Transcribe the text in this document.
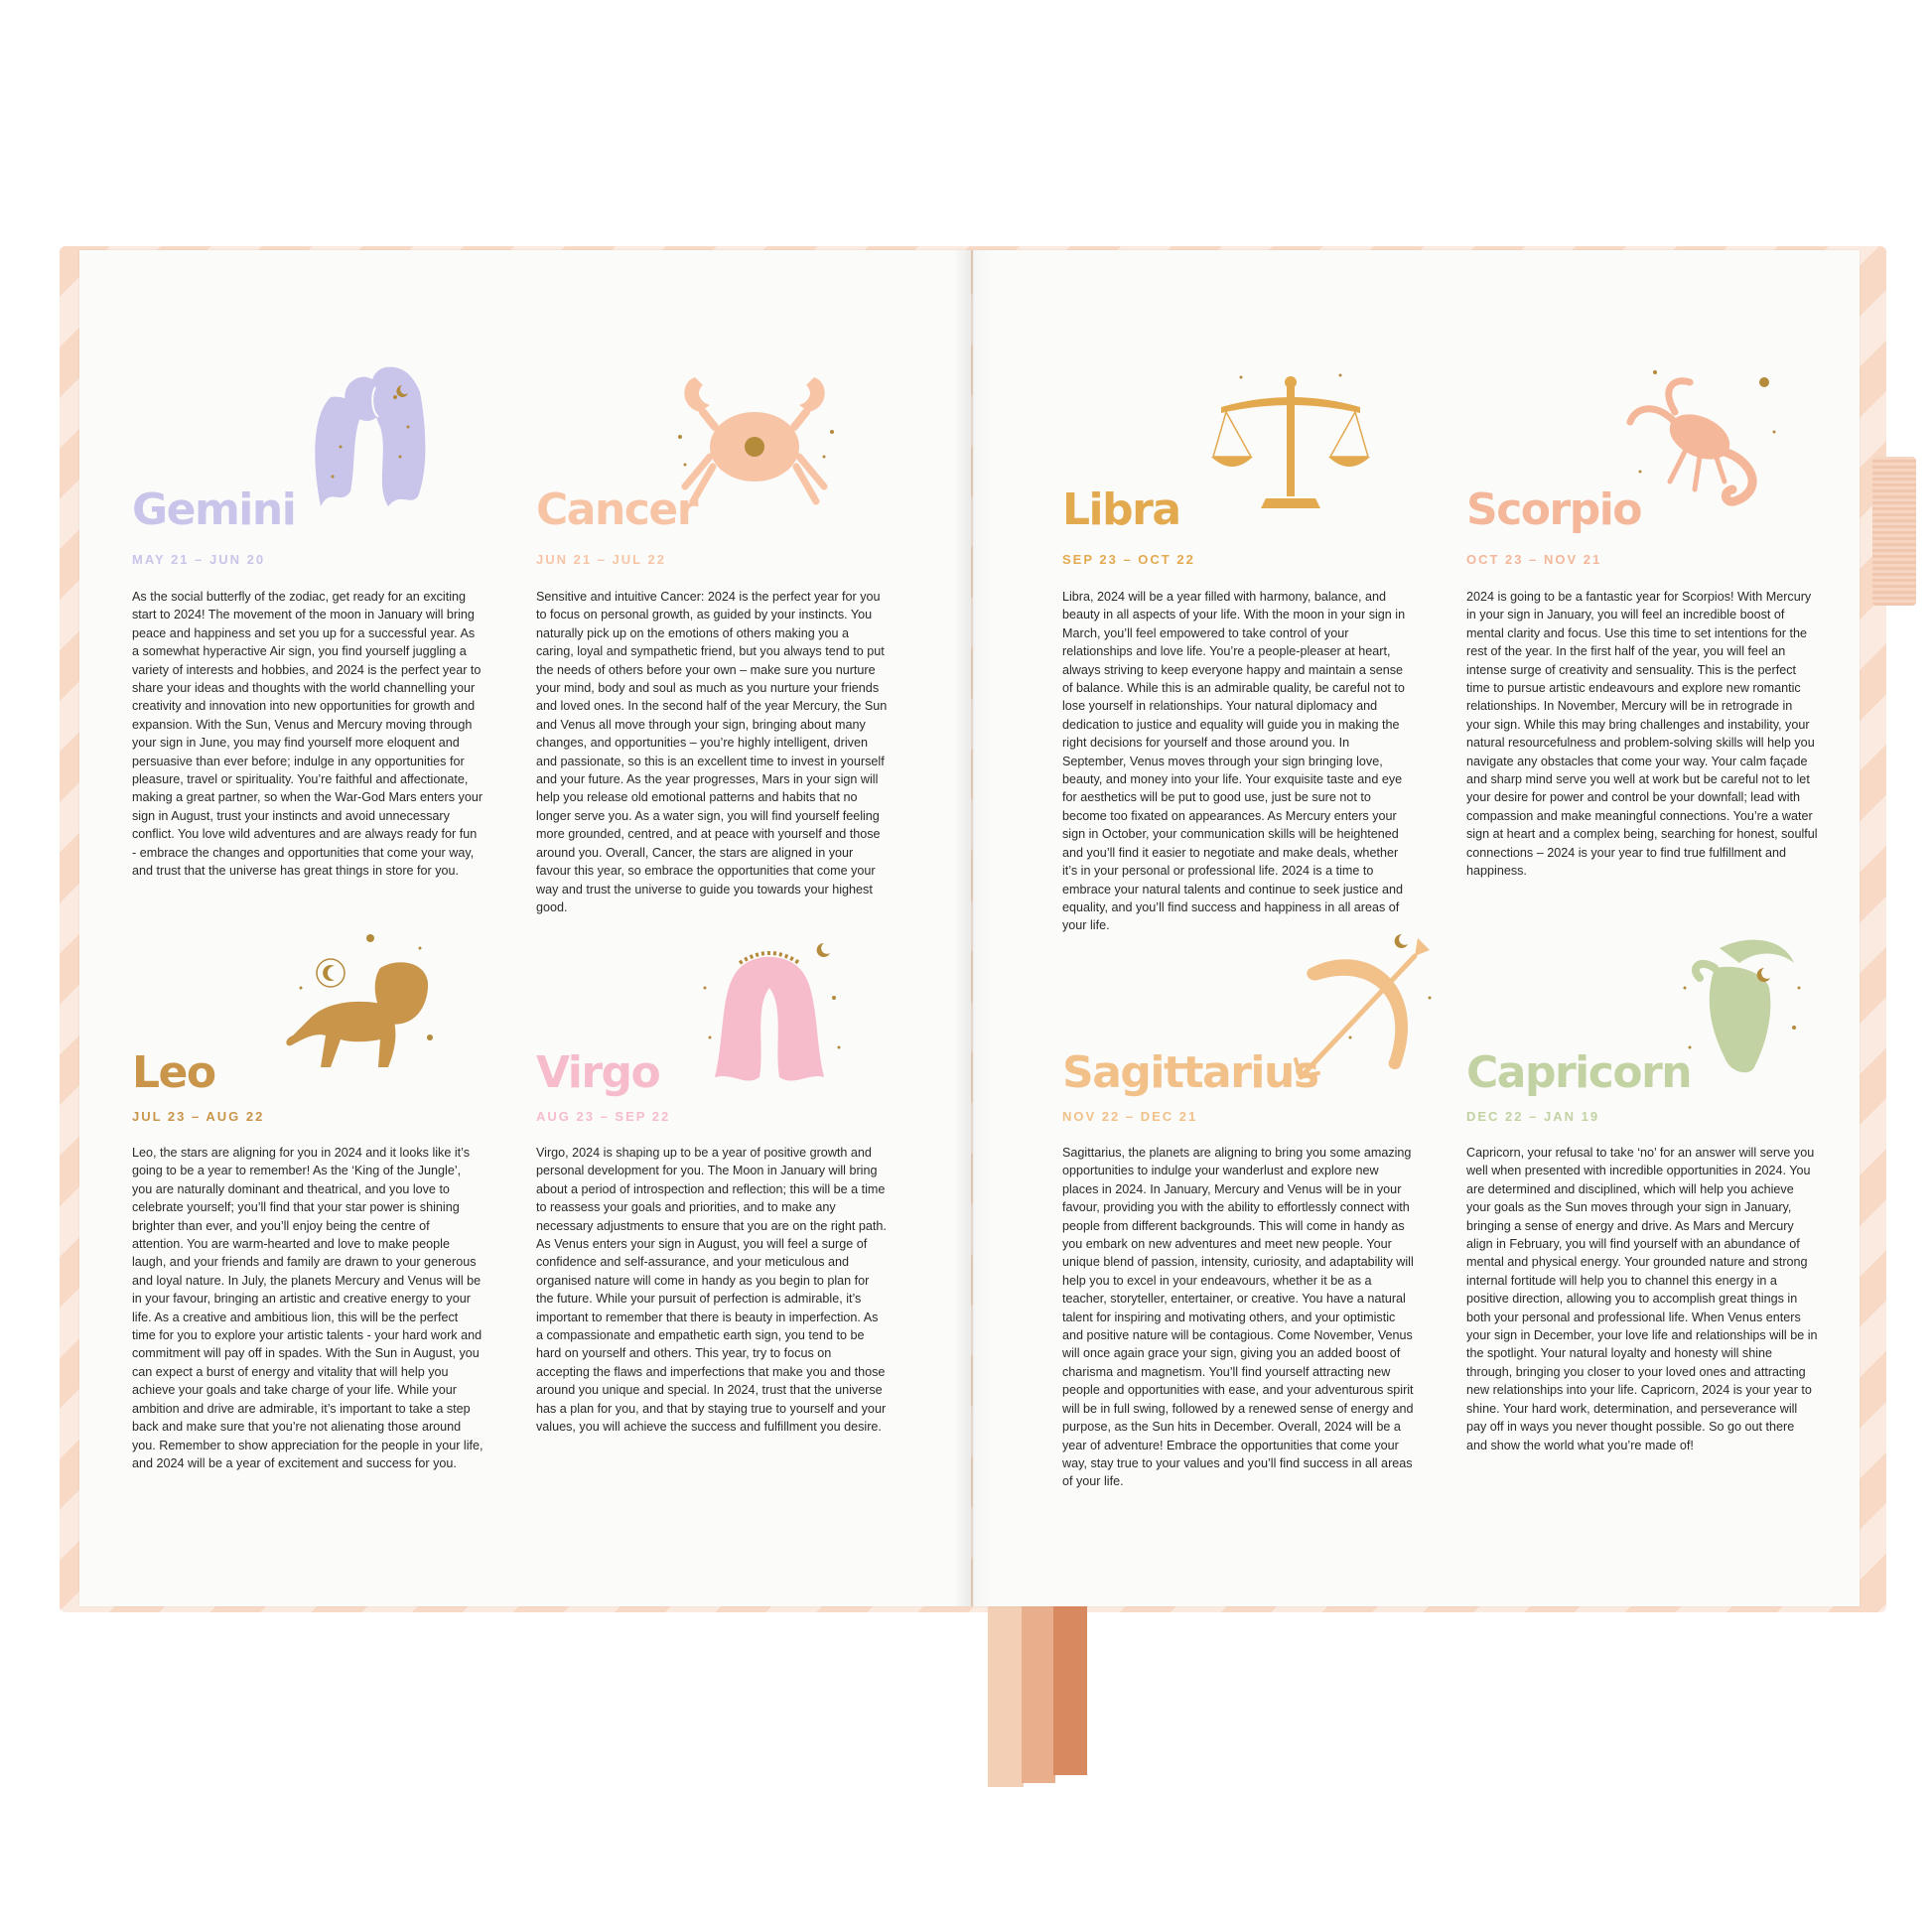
Gemini
MAY 21 – JUN 20

As the social butterfly of the zodiac, get ready for an exciting start to 2024! The movement of the moon in January will bring peace and happiness and set you up for a successful year. As a somewhat hyperactive Air sign, you find yourself juggling a variety of interests and hobbies, and 2024 is the perfect year to share your ideas and thoughts with the world channelling your creativity and innovation into new opportunities for growth and expansion. With the Sun, Venus and Mercury moving through your sign in June, you may find yourself more eloquent and persuasive than ever before; indulge in any opportunities for pleasure, travel or spirituality. You’re faithful and affectionate, making a great partner, so when the War-God Mars enters your sign in August, trust your instincts and avoid unnecessary conflict. You love wild adventures and are always ready for fun - embrace the changes and opportunities that come your way, and trust that the universe has great things in store for you.

Cancer
JUN 21 – JUL 22

Sensitive and intuitive Cancer: 2024 is the perfect year for you to focus on personal growth, as guided by your instincts. You naturally pick up on the emotions of others making you a caring, loyal and sympathetic friend, but you always tend to put the needs of others before your own – make sure you nurture your mind, body and soul as much as you nurture your friends and loved ones. In the second half of the year Mercury, the Sun and Venus all move through your sign, bringing about many changes, and opportunities – you’re highly intelligent, driven and passionate, so this is an excellent time to invest in yourself and your future. As the year progresses, Mars in your sign will help you release old emotional patterns and habits that no longer serve you. As a water sign, you will find yourself feeling more grounded, centred, and at peace with yourself and those around you. Overall, Cancer, the stars are aligned in your favour this year, so embrace the opportunities that come your way and trust the universe to guide you towards your highest good.

Libra
SEP 23 – OCT 22

Libra, 2024 will be a year filled with harmony, balance, and beauty in all aspects of your life. With the moon in your sign in March, you’ll feel empowered to take control of your relationships and love life. You’re a people-pleaser at heart, always striving to keep everyone happy and maintain a sense of balance. While this is an admirable quality, be careful not to lose yourself in relationships. Your natural diplomacy and dedication to justice and equality will guide you in making the right decisions for yourself and those around you. In September, Venus moves through your sign bringing love, beauty, and money into your life. Your exquisite taste and eye for aesthetics will be put to good use, just be sure not to become too fixated on appearances. As Mercury enters your sign in October, your communication skills will be heightened and you’ll find it easier to negotiate and make deals, whether it’s in your personal or professional life. 2024 is a time to embrace your natural talents and continue to seek justice and equality, and you’ll find success and happiness in all areas of your life.

Scorpio
OCT 23 – NOV 21

2024 is going to be a fantastic year for Scorpios! With Mercury in your sign in January, you will feel an incredible boost of mental clarity and focus. Use this time to set intentions for the rest of the year. In the first half of the year, you will feel an intense surge of creativity and sensuality. This is the perfect time to pursue artistic endeavours and explore new romantic relationships. In November, Mercury will be in retrograde in your sign. While this may bring challenges and instability, your natural resourcefulness and problem-solving skills will help you navigate any obstacles that come your way. Your calm façade and sharp mind serve you well at work but be careful not to let your desire for power and control be your downfall; lead with compassion and make meaningful connections. You’re a water sign at heart and a complex being, searching for honest, soulful connections – 2024 is your year to find true fulfillment and happiness.

Leo
JUL 23 – AUG 22

Leo, the stars are aligning for you in 2024 and it looks like it’s going to be a year to remember! As the ‘King of the Jungle’, you are naturally dominant and theatrical, and you love to celebrate yourself; you’ll find that your star power is shining brighter than ever, and you’ll enjoy being the centre of attention. You are warm-hearted and love to make people laugh, and your friends and family are drawn to your generous and loyal nature. In July, the planets Mercury and Venus will be in your favour, bringing an artistic and creative energy to your life. As a creative and ambitious lion, this will be the perfect time for you to explore your artistic talents - your hard work and commitment will pay off in spades. With the Sun in August, you can expect a burst of energy and vitality that will help you achieve your goals and take charge of your life. While your ambition and drive are admirable, it’s important to take a step back and make sure that you’re not alienating those around you. Remember to show appreciation for the people in your life, and 2024 will be a year of excitement and success for you.

Virgo
AUG 23 – SEP 22

Virgo, 2024 is shaping up to be a year of positive growth and personal development for you. The Moon in January will bring about a period of introspection and reflection; this will be a time to reassess your goals and priorities, and to make any necessary adjustments to ensure that you are on the right path. As Venus enters your sign in August, you will feel a surge of confidence and self-assurance, and your meticulous and organised nature will come in handy as you begin to plan for the future. While your pursuit of perfection is admirable, it’s important to remember that there is beauty in imperfection. As a compassionate and empathetic earth sign, you tend to be hard on yourself and others. This year, try to focus on accepting the flaws and imperfections that make you and those around you unique and special. In 2024, trust that the universe has a plan for you, and that by staying true to yourself and your values, you will achieve the success and fulfillment you desire.

Sagittarius
NOV 22 – DEC 21

Sagittarius, the planets are aligning to bring you some amazing opportunities to indulge your wanderlust and explore new places in 2024. In January, Mercury and Venus will be in your favour, providing you with the ability to effortlessly connect with people from different backgrounds. This will come in handy as you embark on new adventures and meet new people. Your unique blend of passion, intensity, curiosity, and adaptability will help you to excel in your endeavours, whether it be as a teacher, storyteller, entertainer, or creative. You have a natural talent for inspiring and motivating others, and your optimistic and positive nature will be contagious. Come November, Venus will once again grace your sign, giving you an added boost of charisma and magnetism. You’ll find yourself attracting new people and opportunities with ease, and your adventurous spirit will be in full swing, followed by a renewed sense of energy and purpose, as the Sun hits in December. Overall, 2024 will be a year of adventure! Embrace the opportunities that come your way, stay true to your values and you’ll find success in all areas of your life.

Capricorn
DEC 22 – JAN 19

Capricorn, your refusal to take ‘no’ for an answer will serve you well when presented with incredible opportunities in 2024. You are determined and disciplined, which will help you achieve your goals as the Sun moves through your sign in January, bringing a sense of energy and drive. As Mars and Mercury align in February, you will find yourself with an abundance of mental and physical energy. Your grounded nature and strong internal fortitude will help you to channel this energy in a positive direction, allowing you to accomplish great things in both your personal and professional life. When Venus enters your sign in December, your love life and relationships will be in the spotlight. Your natural loyalty and honesty will shine through, bringing you closer to your loved ones and attracting new relationships into your life. Capricorn, 2024 is your year to shine. Your hard work, determination, and perseverance will pay off in ways you never thought possible. So go out there and show the world what you’re made of!
